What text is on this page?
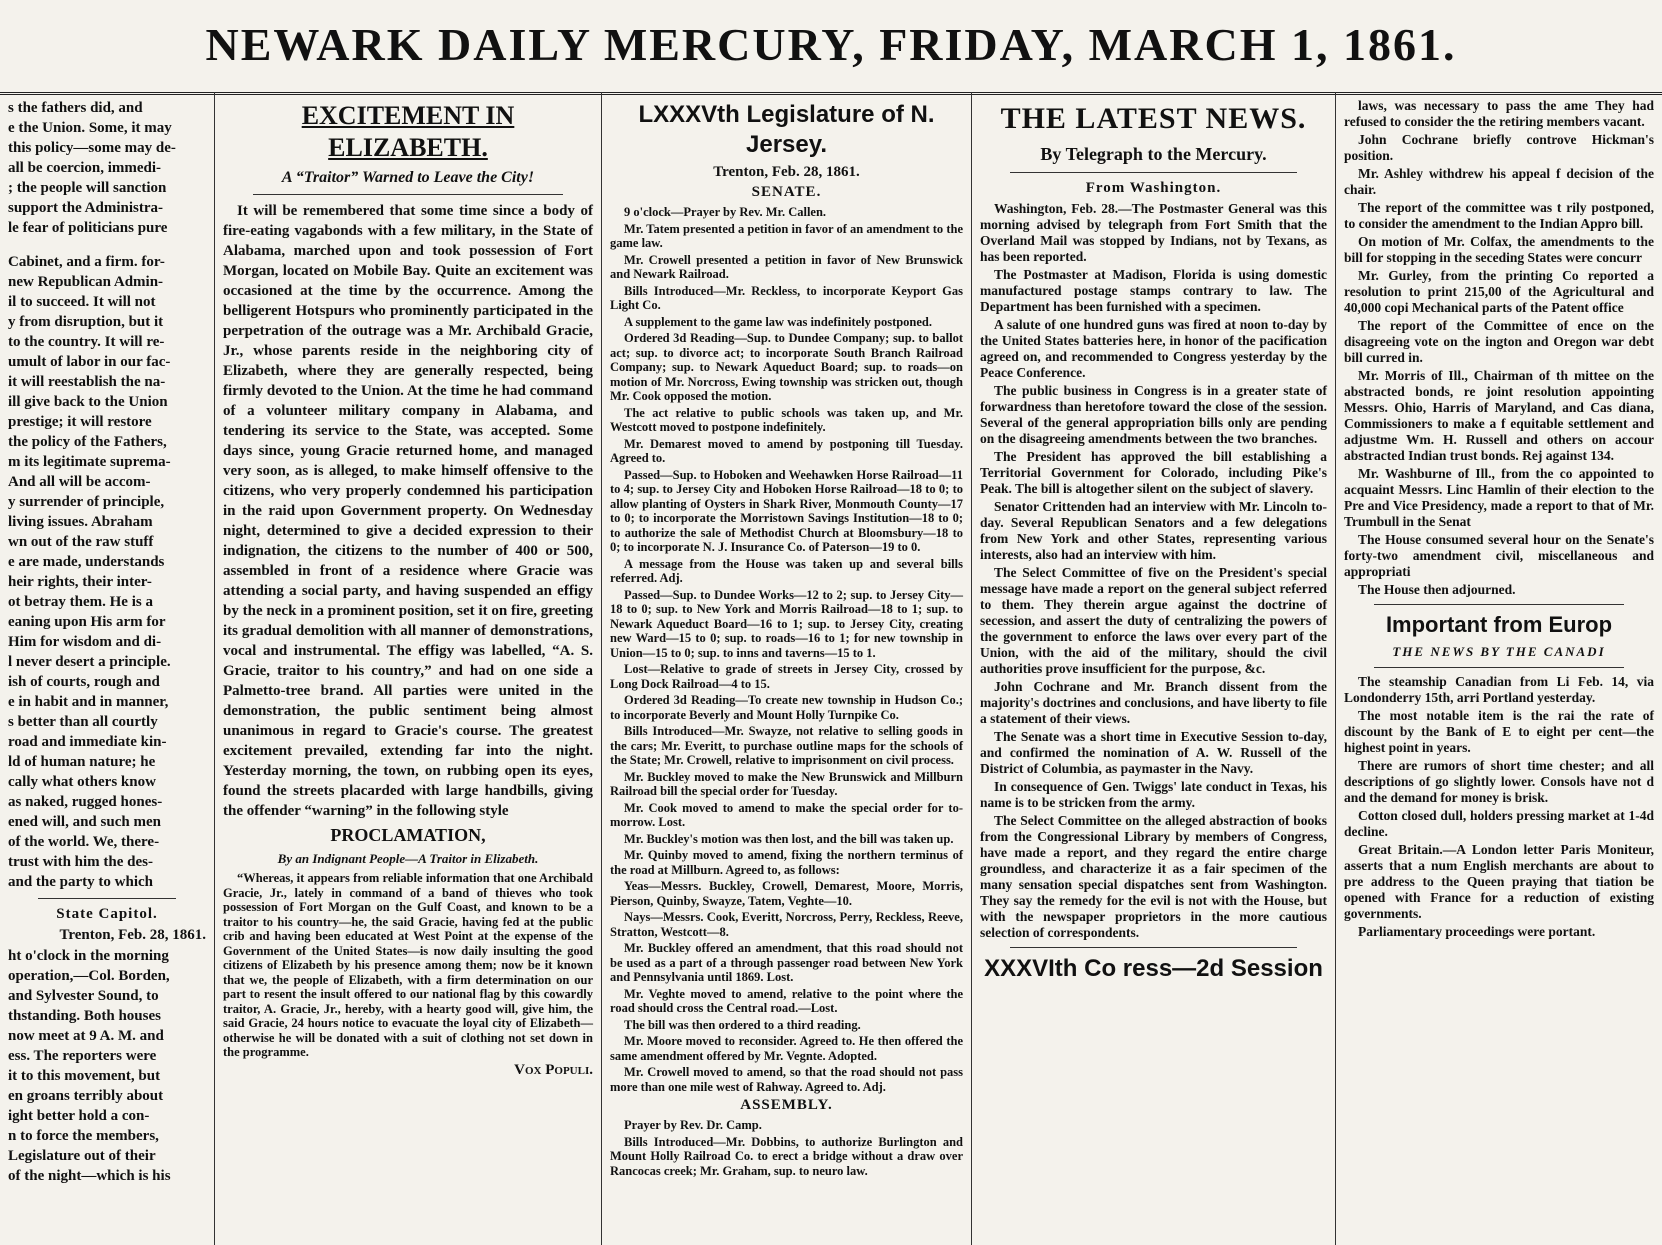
NEWARK DAILY MERCURY, FRIDAY, MARCH 1, 1861.
s the fathers did, and
e the Union. Some, it may
this policy—some may de-
all be coercion, immedi-
; the people will sanction
support the Administra-
le fear of politicians pure
Cabinet, and a firm. for-
new Republican Admin-
il to succeed. It will not
y from disruption, but it
to the country. It will re-
umult of labor in our fac-
it will reestablish the na-
ill give back to the Union
prestige; it will restore
the policy of the Fathers,
m its legitimate suprema-
And all will be accom-
y surrender of principle,
living issues. Abraham
wn out of the raw stuff
e are made, understands
heir rights, their inter-
ot betray them. He is a
eaning upon His arm for
Him for wisdom and di-
l never desert a principle.
ish of courts, rough and
e in habit and in manner,
s better than all courtly
road and immediate kin-
ld of human nature; he
cally what others know
as naked, rugged hones-
ened will, and such men
of the world. We, there-
trust with him the des-
and the party to which
State Capitol.
Trenton, Feb. 28, 1861.
ht o'clock in the morning
operation,—Col. Borden,
and Sylvester Sound, to
thstanding. Both houses
now meet at 9 A. M. and
ess. The reporters were
it to this movement, but
en groans terribly about
ight better hold a con-
n to force the members,
Legislature out of their
of the night—which is his
EXCITEMENT IN ELIZABETH.
A “Traitor” Warned to Leave the City!

It will be remembered that some time since a body of fire-eating vagabonds with a few military, in the State of Alabama, marched upon and took possession of Fort Morgan, located on Mobile Bay. Quite an excitement was occasioned at the time by the occurrence. Among the belligerent Hotspurs who prominently participated in the perpetration of the outrage was a Mr. Archibald Gracie, Jr., whose parents reside in the neighboring city of Elizabeth, where they are generally respected, being firmly devoted to the Union. At the time he had command of a volunteer military company in Alabama, and tendering its service to the State, was accepted. Some days since, young Gracie returned home, and managed very soon, as is alleged, to make himself offensive to the citizens, who very properly condemned his participation in the raid upon Government property. On Wednesday night, determined to give a decided expression to their indignation, the citizens to the number of 400 or 500, assembled in front of a residence where Gracie was attending a social party, and having suspended an effigy by the neck in a prominent position, set it on fire, greeting its gradual demolition with all manner of demonstrations, vocal and instrumental. The effigy was labelled, “A. S. Gracie, traitor to his country,” and had on one side a Palmetto-tree brand. All parties were united in the demonstration, the public sentiment being almost unanimous in regard to Gracie's course. The greatest excitement prevailed, extending far into the night. Yesterday morning, the town, on rubbing open its eyes, found the streets placarded with large handbills, giving the offender “warning” in the following style

PROCLAMATION,
By an Indignant People—A Traitor in Elizabeth.

“Whereas, it appears from reliable information that one Archibald Gracie, Jr., lately in command of a band of thieves who took possession of Fort Morgan on the Gulf Coast, and known to be a traitor to his country—he, the said Gracie, having fed at the public crib and having been educated at West Point at the expense of the Government of the United States—is now daily insulting the good citizens of Elizabeth by his presence among them; now be it known that we, the people of Elizabeth, with a firm determination on our part to resent the insult offered to our national flag by this cowardly traitor, A. Gracie, Jr., hereby, with a hearty good will, give him, the said Gracie, 24 hours notice to evacuate the loyal city of Elizabeth—otherwise he will be donated with a suit of clothing not set down in the programme.

Vox Populi.
LXXXVth Legislature of N. Jersey.
Trenton, Feb. 28, 1861.
SENATE.

9 o'clock—Prayer by Rev. Mr. Callen.

Mr. Tatem presented a petition in favor of an amendment to the game law.

Mr. Crowell presented a petition in favor of New Brunswick and Newark Railroad.

Bills Introduced—Mr. Reckless, to incorporate Keyport Gas Light Co.

A supplement to the game law was indefinitely postponed.

Ordered 3d Reading—Sup. to Dundee Company; sup. to ballot act; sup. to divorce act; to incorporate South Branch Railroad Company; sup. to Newark Aqueduct Board; sup. to roads—on motion of Mr. Norcross, Ewing township was stricken out, though Mr. Cook opposed the motion.

The act relative to public schools was taken up, and Mr. Westcott moved to postpone indefinitely.

Mr. Demarest moved to amend by postponing till Tuesday. Agreed to.

Passed—Sup. to Hoboken and Weehawken Horse Railroad—11 to 4; sup. to Jersey City and Hoboken Horse Railroad—18 to 0; to allow planting of Oysters in Shark River, Monmouth County—17 to 0; to incorporate the Morristown Savings Institution—18 to 0; to authorize the sale of Methodist Church at Bloomsbury—18 to 0; to incorporate N. J. Insurance Co. of Paterson—19 to 0.

A message from the House was taken up and several bills referred. Adj.

Passed—Sup. to Dundee Works—12 to 2; sup. to Jersey City—18 to 0; sup. to New York and Morris Railroad—18 to 1; sup. to Newark Aqueduct Board—16 to 1; sup. to Jersey City, creating new Ward—15 to 0; sup. to roads—16 to 1; for new township in Union—15 to 0; sup. to inns and taverns—15 to 1.

Lost—Relative to grade of streets in Jersey City, crossed by Long Dock Railroad—4 to 15.

Ordered 3d Reading—To create new township in Hudson Co.; to incorporate Beverly and Mount Holly Turnpike Co.

Bills Introduced—Mr. Swayze, not relative to selling goods in the cars; Mr. Everitt, to purchase outline maps for the schools of the State; Mr. Crowell, relative to imprisonment on civil process.

Mr. Buckley moved to make the New Brunswick and Millburn Railroad bill the special order for Tuesday.

Mr. Cook moved to amend to make the special order for to-morrow. Lost.

Mr. Buckley's motion was then lost, and the bill was taken up.

Mr. Quinby moved to amend, fixing the northern terminus of the road at Millburn. Agreed to, as follows:

Yeas—Messrs. Buckley, Crowell, Demarest, Moore, Morris, Pierson, Quinby, Swayze, Tatem, Veghte—10.

Nays—Messrs. Cook, Everitt, Norcross, Perry, Reckless, Reeve, Stratton, Westcott—8.

Mr. Buckley offered an amendment, that this road should not be used as a part of a through passenger road between New York and Pennsylvania until 1869. Lost.

Mr. Veghte moved to amend, relative to the point where the road should cross the Central road.—Lost.

The bill was then ordered to a third reading.

Mr. Moore moved to reconsider. Agreed to. He then offered the same amendment offered by Mr. Vegnte. Adopted.

Mr. Crowell moved to amend, so that the road should not pass more than one mile west of Rahway. Agreed to. Adj.

ASSEMBLY.

Prayer by Rev. Dr. Camp.

Bills Introduced—Mr. Dobbins, to authorize Burlington and Mount Holly Railroad Co. to erect a bridge without a draw over Rancocas creek; Mr. Graham, sup. to neuro law.

THE LATEST NEWS.
By Telegraph to the Mercury.
From Washington.

Washington, Feb. 28.—The Postmaster General was this morning advised by telegraph from Fort Smith that the Overland Mail was stopped by Indians, not by Texans, as has been reported.

The Postmaster at Madison, Florida is using domestic manufactured postage stamps contrary to law. The Department has been furnished with a specimen.

A salute of one hundred guns was fired at noon to-day by the United States batteries here, in honor of the pacification agreed on, and recommended to Congress yesterday by the Peace Conference.

The public business in Congress is in a greater state of forwardness than heretofore toward the close of the session. Several of the general appropriation bills only are pending on the disagreeing amendments between the two branches.

The President has approved the bill establishing a Territorial Government for Colorado, including Pike's Peak. The bill is altogether silent on the subject of slavery.

Senator Crittenden had an interview with Mr. Lincoln to-day. Several Republican Senators and a few delegations from New York and other States, representing various interests, also had an interview with him.

The Select Committee of five on the President's special message have made a report on the general subject referred to them. They therein argue against the doctrine of secession, and assert the duty of centralizing the powers of the government to enforce the laws over every part of the Union, with the aid of the military, should the civil authorities prove insufficient for the purpose, &c.

John Cochrane and Mr. Branch dissent from the majority's doctrines and conclusions, and have liberty to file a statement of their views.

The Senate was a short time in Executive Session to-day, and confirmed the nomination of A. W. Russell of the District of Columbia, as paymaster in the Navy.

In consequence of Gen. Twiggs' late conduct in Texas, his name is to be stricken from the army.

The Select Committee on the alleged abstraction of books from the Congressional Library by members of Congress, have made a report, and they regard the entire charge groundless, and characterize it as a fair specimen of the many sensation special dispatches sent from Washington. They say the remedy for the evil is not with the House, but with the newspaper proprietors in the more cautious selection of correspondents.

XXXVIth Co ress—2d Session

laws, was necessary to pass the ame They had refused to consider the the retiring members vacant.

John Cochrane briefly controve Hickman's position.

Mr. Ashley withdrew his appeal f decision of the chair.

The report of the committee was t rily postponed, to consider the amendment to the Indian Appro bill.

On motion of Mr. Colfax, the amendments to the bill for stopping in the seceding States were concurr

Mr. Gurley, from the printing Co reported a resolution to print 215,00 of the Agricultural and 40,000 copi Mechanical parts of the Patent office

The report of the Committee of ence on the disagreeing vote on the ington and Oregon war debt bill curred in.

Mr. Morris of Ill., Chairman of th mittee on the abstracted bonds, re joint resolution appointing Messrs. Ohio, Harris of Maryland, and Cas diana, Commissioners to make a f equitable settlement and adjustme Wm. H. Russell and others on accour abstracted Indian trust bonds. Rej against 134.

Mr. Washburne of Ill., from the co appointed to acquaint Messrs. Linc Hamlin of their election to the Pre and Vice Presidency, made a report to that of Mr. Trumbull in the Senat

The House consumed several hour on the Senate's forty-two amendment civil, miscellaneous and appropriati

The House then adjourned.

Important from Europ
THE NEWS BY THE CANADI

The steamship Canadian from Li Feb. 14, via Londonderry 15th, arri Portland yesterday.

The most notable item is the rai the rate of discount by the Bank of E to eight per cent—the highest point in years.

There are rumors of short time chester; and all descriptions of go slightly lower. Consols have not d and the demand for money is brisk.

Cotton closed dull, holders pressing market at 1-4d decline.

Great Britain.—A London letter Paris Moniteur, asserts that a num English merchants are about to pre address to the Queen praying that tiation be opened with France for a reduction of existing governments.

Parliamentary proceedings were portant.
